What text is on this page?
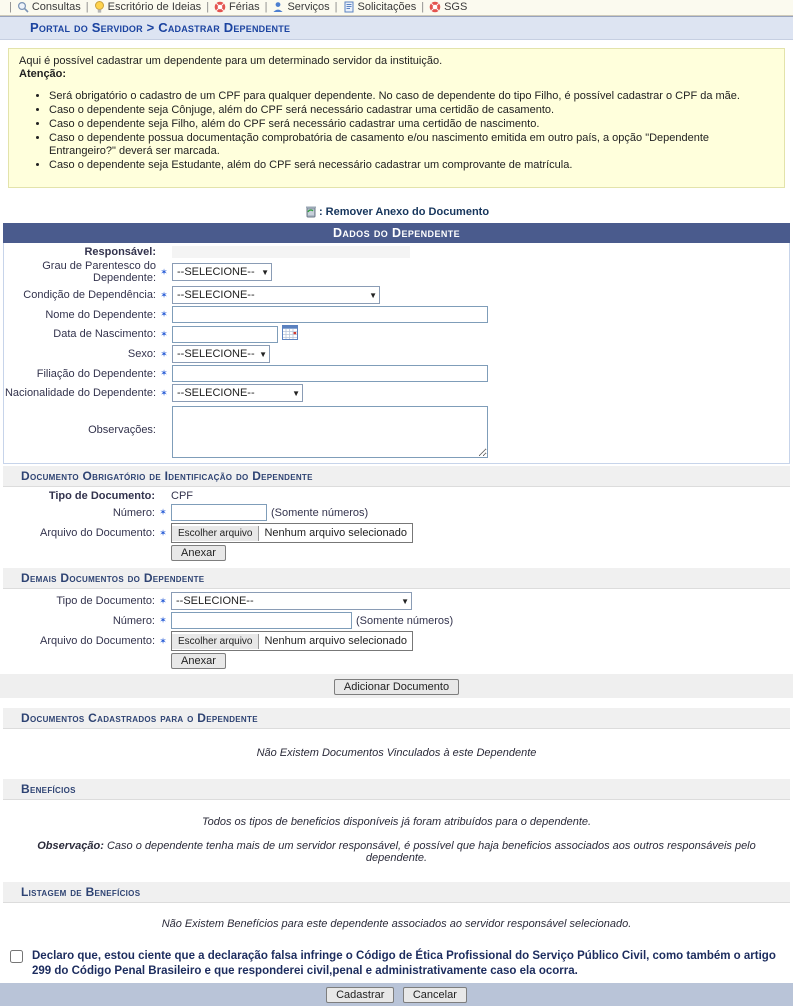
| Consultas | Escritório de Ideias | Férias | Serviços | Solicitações | SGS
Portal do Servidor > Cadastrar Dependente
Aqui é possível cadastrar um dependente para um determinado servidor da instituição.
Atenção:
• Será obrigatório o cadastro de um CPF para qualquer dependente. No caso de dependente do tipo Filho, é possível cadastrar o CPF da mãe.
• Caso o dependente seja Cônjuge, além do CPF será necessário cadastrar uma certidão de casamento.
• Caso o dependente seja Filho, além do CPF será necessário cadastrar uma certidão de nascimento.
• Caso o dependente possua documentação comprobatória de casamento e/ou nascimento emitida em outro país, a opção "Dependente Entrangeiro?" deverá ser marcada.
• Caso o dependente seja Estudante, além do CPF será necessário cadastrar um comprovante de matrícula.
: Remover Anexo do Documento
Dados do Dependente
Responsável:
Grau de Parentesco do Dependente:
✶ --SELECIONE-- ▼
Condição de Dependência: ✶ --SELECIONE--	▼
Nome do Dependente: ✶
Data de Nascimento: ✶
Sexo: ✶ --SELECIONE-- ▼
Filiação do Dependente: ✶
Nacionalidade do Dependente: ✶ --SELECIONE--	▼
Observações:
Documento Obrigatório de Identificação do Dependente
Tipo de Documento: CPF
Número: ✶	(Somente números)
Arquivo do Documento: ✶	Escolher arquivo	Nenhum arquivo selecionado
Anexar
Demais Documentos do Dependente
Tipo de Documento: ✶ --SELECIONE--	▼
Número: ✶	(Somente números)
Arquivo do Documento: ✶	Escolher arquivo	Nenhum arquivo selecionado
Anexar
Adicionar Documento
Documentos Cadastrados para o Dependente
Não Existem Documentos Vinculados à este Dependente
Benefícios
Todos os tipos de beneficios disponíveis já foram atribuídos para o dependente.
Observação: Caso o dependente tenha mais de um servidor responsável, é possível que haja beneficios associados aos outros responsáveis pelo dependente.
Listagem de Benefícios
Não Existem Benefícios para este dependente associados ao servidor responsável selecionado.
Declaro que, estou ciente que a declaração falsa infringe o Código de Ética Profissional do Serviço Público Civil, como também o artigo 299 do Código Penal Brasileiro e que responderei civil,penal e administrativamente caso ela ocorra.
Cadastrar	Cancelar
